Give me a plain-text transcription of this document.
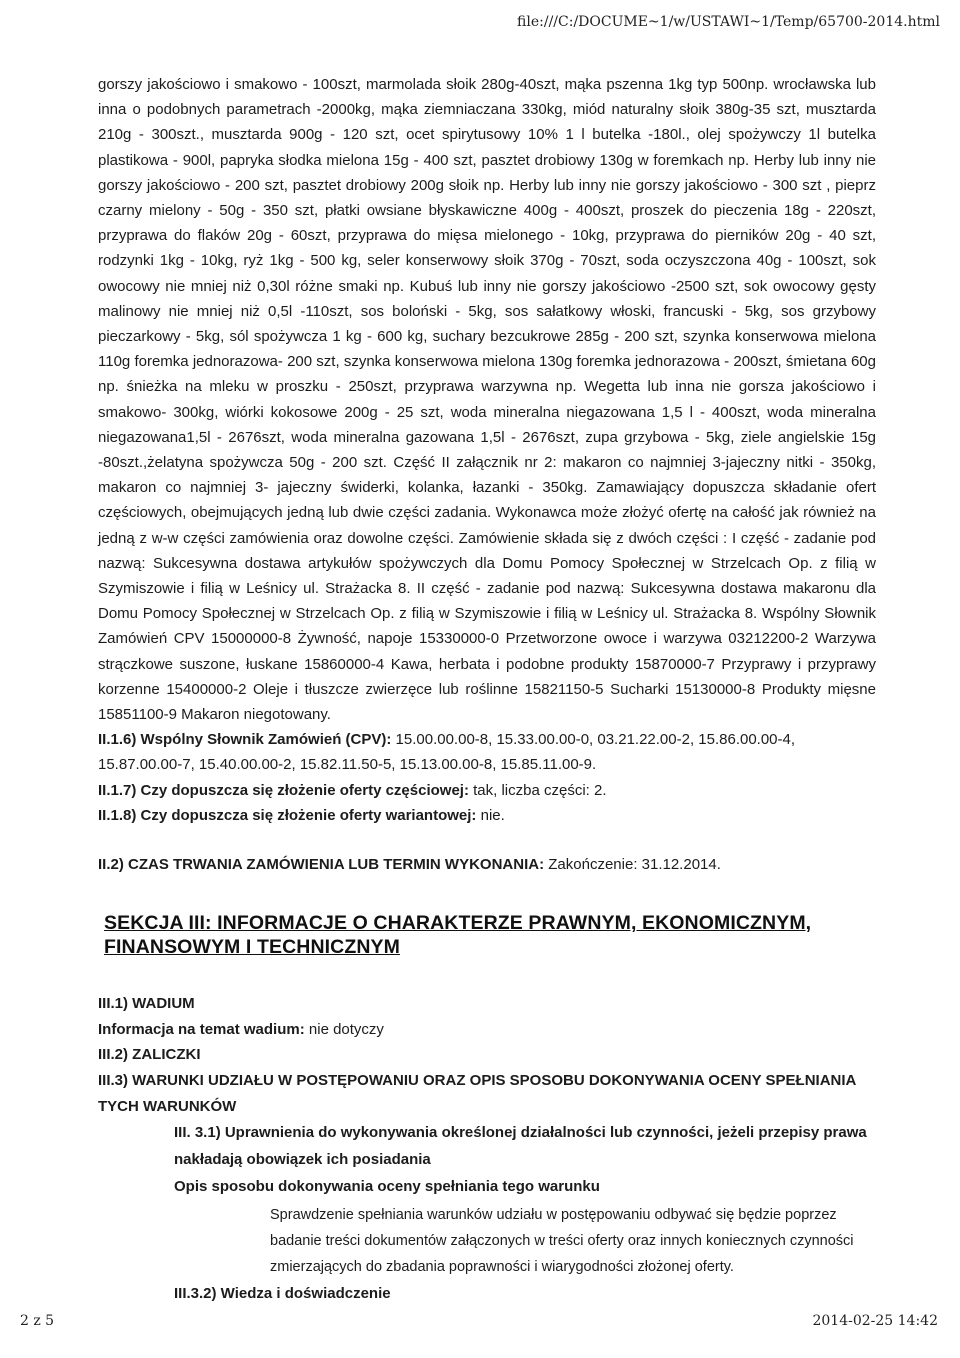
file:///C:/DOCUME~1/w/USTAWI~1/Temp/65700-2014.html

gorszy jakościowo i smakowo - 100szt, marmolada słoik 280g-40szt, mąka pszenna 1kg typ 500np. wrocławska lub inna o podobnych parametrach -2000kg, mąka ziemniaczana 330kg, miód naturalny słoik 380g-35 szt, musztarda 210g - 300szt., musztarda 900g - 120 szt, ocet spirytusowy 10% 1 l butelka -180l., olej spożywczy 1l butelka plastikowa - 900l, papryka słodka mielona 15g - 400 szt, pasztet drobiowy 130g w foremkach np. Herby lub inny nie gorszy jakościowo - 200 szt, pasztet drobiowy 200g słoik np. Herby lub inny nie gorszy jakościowo - 300 szt , pieprz czarny mielony - 50g - 350 szt, płatki owsiane błyskawiczne 400g - 400szt, proszek do pieczenia 18g - 220szt, przyprawa do flaków 20g - 60szt, przyprawa do mięsa mielonego - 10kg, przyprawa do pierników 20g - 40 szt, rodzynki 1kg - 10kg, ryż 1kg - 500 kg, seler konserwowy słoik 370g - 70szt, soda oczyszczona 40g - 100szt, sok owocowy nie mniej niż 0,30l różne smaki np. Kubuś lub inny nie gorszy jakościowo -2500 szt, sok owocowy gęsty malinowy nie mniej niż 0,5l -110szt, sos boloński - 5kg, sos sałatkowy włoski, francuski - 5kg, sos grzybowy pieczarkowy - 5kg, sól spożywcza 1 kg - 600 kg, suchary bezcukrowe 285g - 200 szt, szynka konserwowa mielona 110g foremka jednorazowa- 200 szt, szynka konserwowa mielona 130g foremka jednorazowa - 200szt, śmietana 60g np. śnieżka na mleku w proszku - 250szt, przyprawa warzywna np. Wegetta lub inna nie gorsza jakościowo i smakowo- 300kg, wiórki kokosowe 200g - 25 szt, woda mineralna niegazowana 1,5 l - 400szt, woda mineralna niegazowana1,5l - 2676szt, woda mineralna gazowana 1,5l - 2676szt, zupa grzybowa - 5kg, ziele angielskie 15g -80szt.,żelatyna spożywcza 50g - 200 szt. Część II załącznik nr 2: makaron co najmniej 3-jajeczny nitki - 350kg, makaron co najmniej 3- jajeczny świderki, kolanka, łazanki - 350kg. Zamawiający dopuszcza składanie ofert częściowych, obejmujących jedną lub dwie części zadania. Wykonawca może złożyć ofertę na całość jak również na jedną z w-w części zamówienia oraz dowolne części. Zamówienie składa się z dwóch części : I część - zadanie pod nazwą: Sukcesywna dostawa artykułów spożywczych dla Domu Pomocy Społecznej w Strzelcach Op. z filią w Szymiszowie i filią w Leśnicy ul. Strażacka 8. II część - zadanie pod nazwą: Sukcesywna dostawa makaronu dla Domu Pomocy Społecznej w Strzelcach Op. z filią w Szymiszowie i filią w Leśnicy ul. Strażacka 8. Wspólny Słownik Zamówień CPV 15000000-8 Żywność, napoje 15330000-0 Przetworzone owoce i warzywa 03212200-2 Warzywa strączkowe suszone, łuskane 15860000-4 Kawa, herbata i podobne produkty 15870000-7 Przyprawy i przyprawy korzenne 15400000-2 Oleje i tłuszcze zwierzęce lub roślinne 15821150-5 Sucharki 15130000-8 Produkty mięsne 15851100-9 Makaron niegotowany.

II.1.6) Wspólny Słownik Zamówień (CPV): 15.00.00.00-8, 15.33.00.00-0, 03.21.22.00-2, 15.86.00.00-4, 15.87.00.00-7, 15.40.00.00-2, 15.82.11.50-5, 15.13.00.00-8, 15.85.11.00-9.

II.1.7) Czy dopuszcza się złożenie oferty częściowej: tak, liczba części: 2.

II.1.8) Czy dopuszcza się złożenie oferty wariantowej: nie.

II.2) CZAS TRWANIA ZAMÓWIENIA LUB TERMIN WYKONANIA: Zakończenie: 31.12.2014.

SEKCJA III: INFORMACJE O CHARAKTERZE PRAWNYM, EKONOMICZNYM, FINANSOWYM I TECHNICZNYM

III.1) WADIUM

Informacja na temat wadium: nie dotyczy

III.2) ZALICZKI

III.3) WARUNKI UDZIAŁU W POSTĘPOWANIU ORAZ OPIS SPOSOBU DOKONYWANIA OCENY SPEŁNIANIA TYCH WARUNKÓW

III. 3.1) Uprawnienia do wykonywania określonej działalności lub czynności, jeżeli przepisy prawa nakładają obowiązek ich posiadania

Opis sposobu dokonywania oceny spełniania tego warunku

Sprawdzenie spełniania warunków udziału w postępowaniu odbywać się będzie poprzez badanie treści dokumentów załączonych w treści oferty oraz innych koniecznych czynności zmierzających do zbadania poprawności i wiarygodności złożonej oferty.

III.3.2) Wiedza i doświadczenie

2 z 5	2014-02-25 14:42
